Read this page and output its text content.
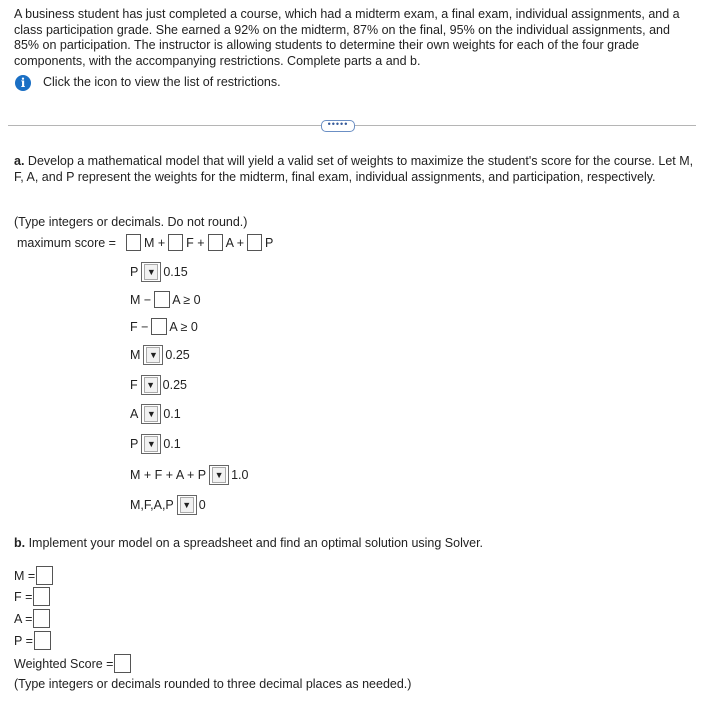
A business student has just completed a course, which had a midterm exam, a final exam, individual assignments, and a class participation grade. She earned a 92% on the midterm, 87% on the final, 95% on the individual assignments, and 85% on participation. The instructor is allowing students to determine their own weights for each of the four grade components, with the accompanying restrictions. Complete parts a and b.
i	Click the icon to view the list of restrictions.
•••••
a. Develop a mathematical model that will yield a valid set of weights to maximize the student's score for the course. Let M, F, A, and P represent the weights for the midterm, final exam, individual assignments, and participation, respectively.
(Type integers or decimals. Do not round.)
maximum score = M + F + A + P
P ▼ 0.15
M − A ≥ 0
F − A ≥ 0
M ▼ 0.25
F ▼ 0.25
A ▼ 0.1
P ▼ 0.1
M + F + A + P ▼ 1.0
M,F,A,P ▼ 0
b. Implement your model on a spreadsheet and find an optimal solution using Solver.
M =
F =
A =
P =
Weighted Score =
(Type integers or decimals rounded to three decimal places as needed.)
